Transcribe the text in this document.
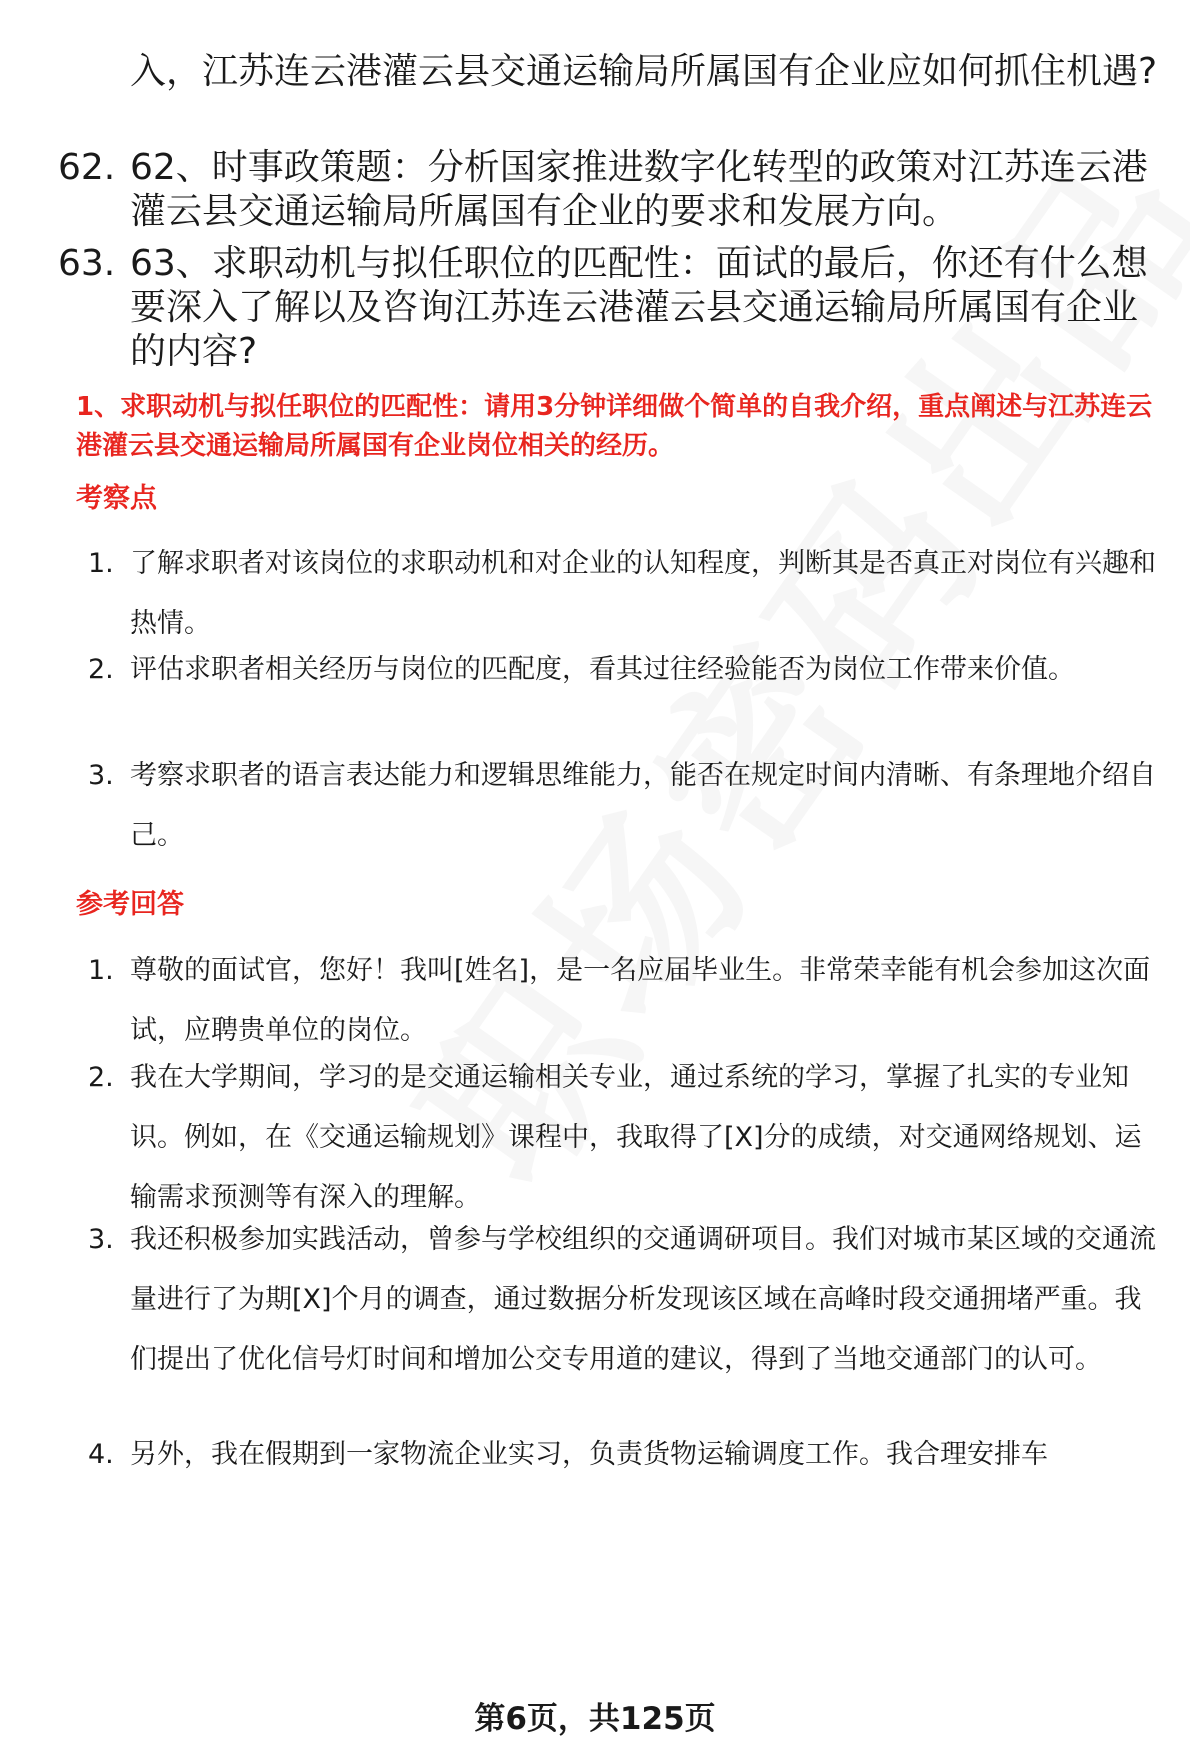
入，江苏连云港灌云县交通运输局所属国有企业应如何抓住机遇?
62. 62、时事政策题：分析国家推进数字化转型的政策对江苏连云港灌云县交通运输局所属国有企业的要求和发展方向。
63. 63、求职动机与拟任职位的匹配性：面试的最后，你还有什么想要深入了解以及咨询江苏连云港灌云县交通运输局所属国有企业的内容?
1、求职动机与拟任职位的匹配性：请用3分钟详细做个简单的自我介绍，重点阐述与江苏连云港灌云县交通运输局所属国有企业岗位相关的经历。
考察点
1. 了解求职者对该岗位的求职动机和对企业的认知程度，判断其是否真正对岗位有兴趣和热情。
2. 评估求职者相关经历与岗位的匹配度，看其过往经验能否为岗位工作带来价值。
3. 考察求职者的语言表达能力和逻辑思维能力，能否在规定时间内清晰、有条理地介绍自己。
参考回答
1. 尊敬的面试官，您好！我叫[姓名]，是一名应届毕业生。非常荣幸能有机会参加这次面试，应聘贵单位的岗位。
2. 我在大学期间，学习的是交通运输相关专业，通过系统的学习，掌握了扎实的专业知识。例如，在《交通运输规划》课程中，我取得了[X]分的成绩，对交通网络规划、运输需求预测等有深入的理解。
3. 我还积极参加实践活动，曾参与学校组织的交通调研项目。我们对城市某区域的交通流量进行了为期[X]个月的调查，通过数据分析发现该区域在高峰时段交通拥堵严重。我们提出了优化信号灯时间和增加公交专用道的建议，得到了当地交通部门的认可。
4. 另外，我在假期到一家物流企业实习，负责货物运输调度工作。我合理安排车
第6页，共125页
